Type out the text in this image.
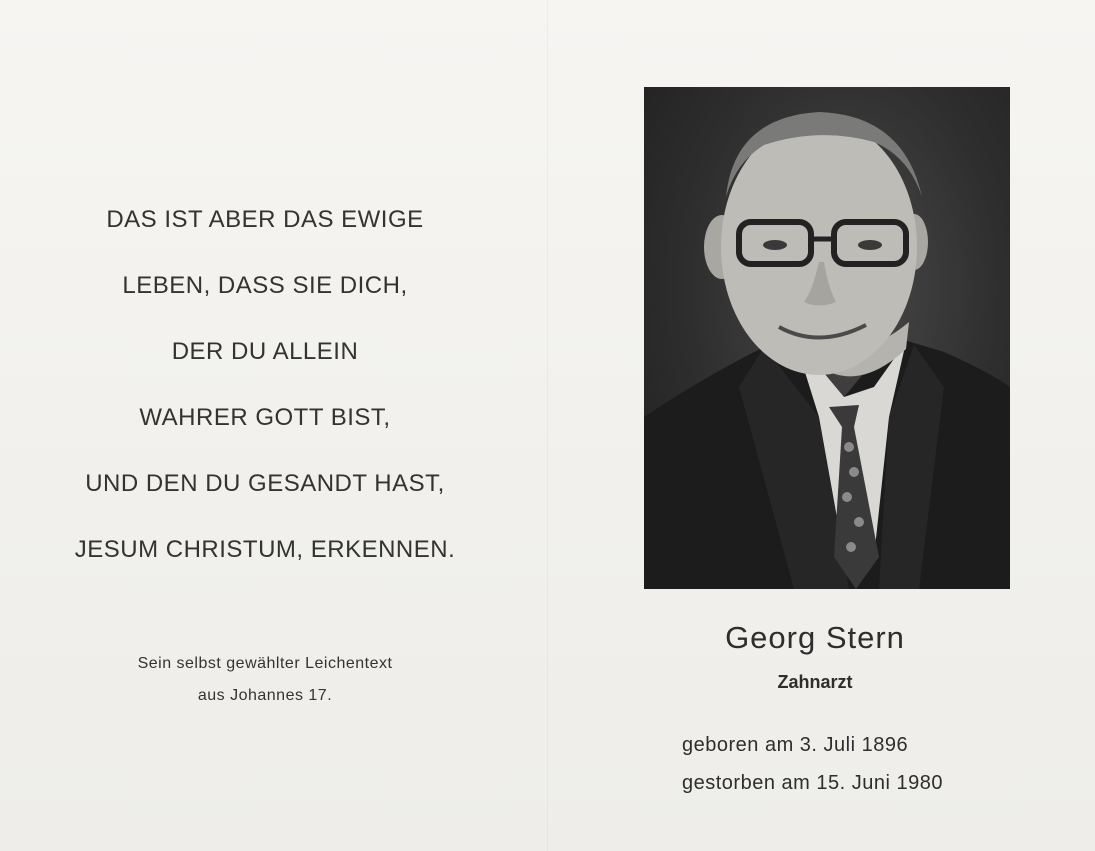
DAS IST ABER DAS EWIGE
LEBEN, DASS SIE DICH,
DER DU ALLEIN
WAHRER GOTT BIST,
UND DEN DU GESANDT HAST,
JESUM CHRISTUM, ERKENNEN.
Sein selbst gewählter Leichentext
aus Johannes 17.
Georg Stern
Zahnarzt
geboren am 3. Juli 1896
gestorben am 15. Juni 1980
